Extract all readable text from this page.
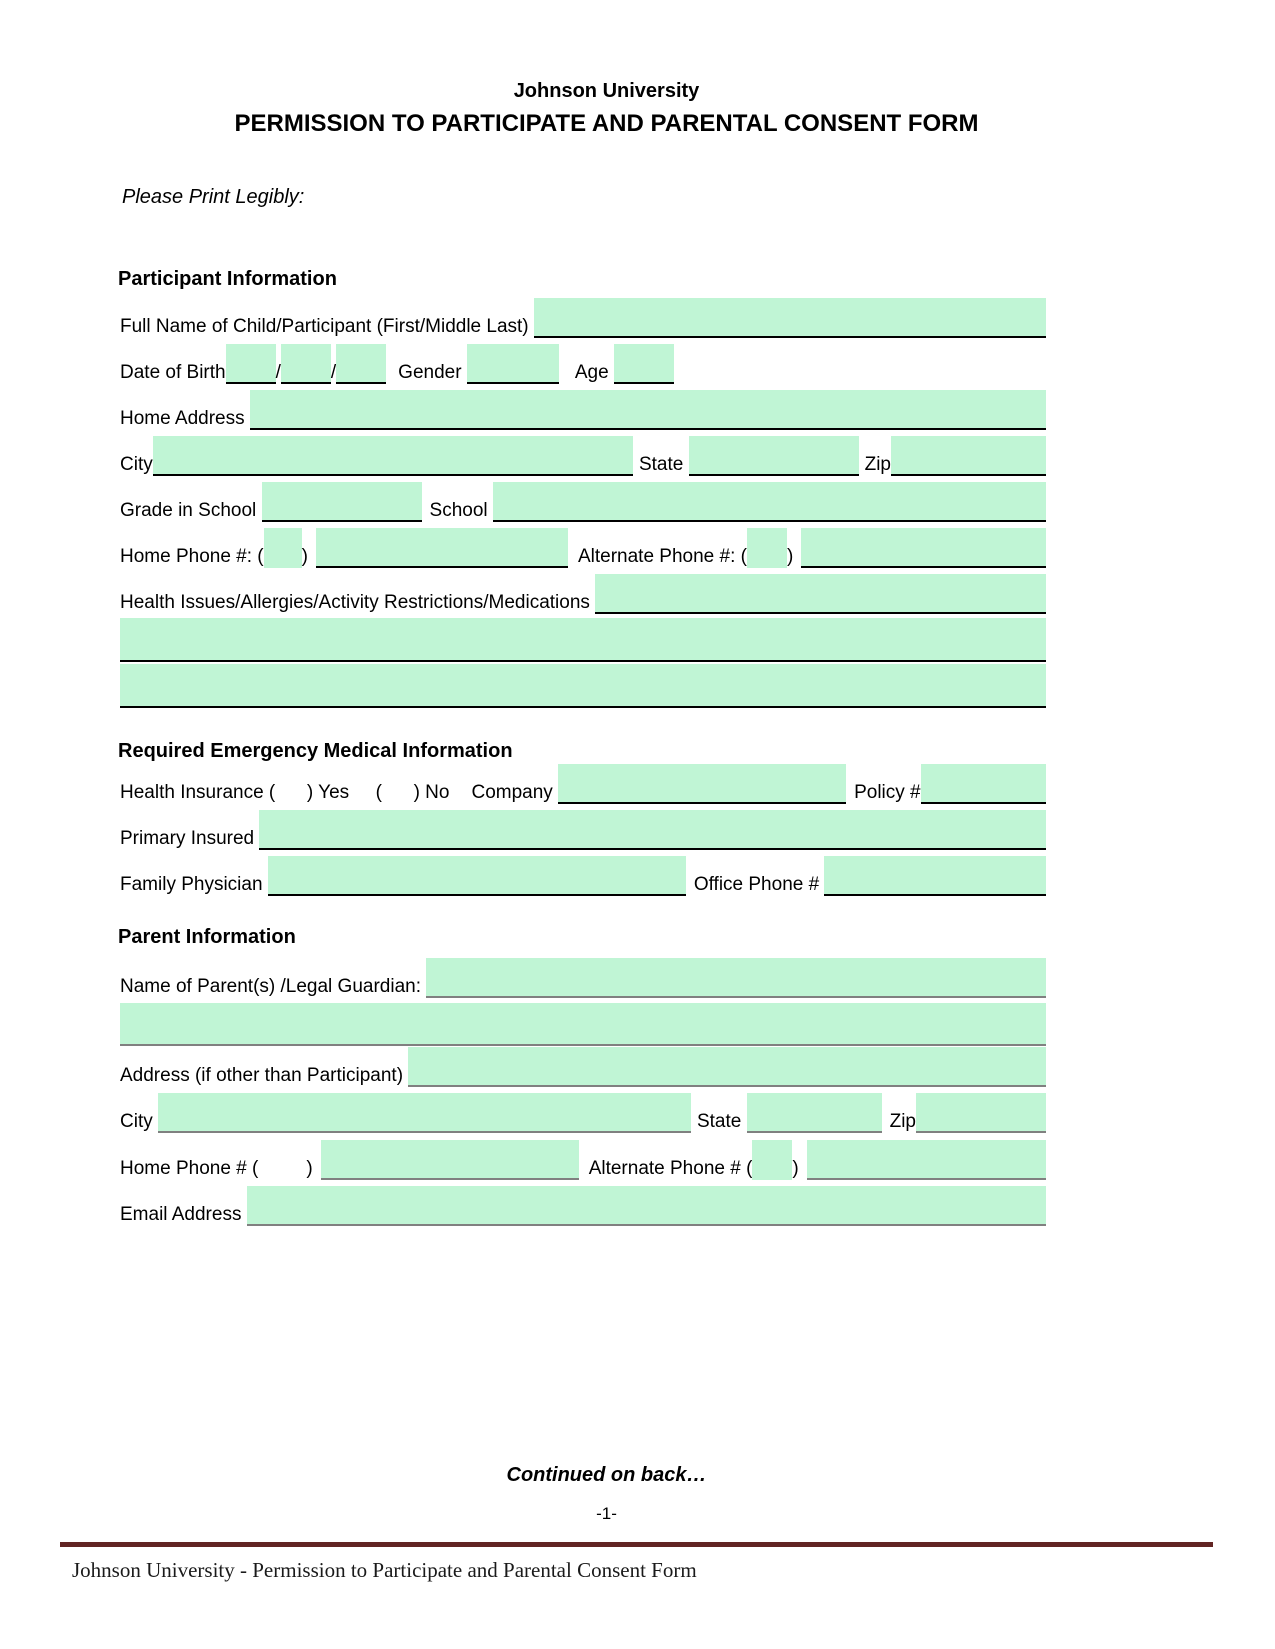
Johnson University
PERMISSION TO PARTICIPATE AND PARENTAL CONSENT FORM
Please Print Legibly:
Participant Information
Full Name of Child/Participant (First/Middle Last)
Date of Birth	/	/	Gender	Age
Home Address
City	State	Zip
Grade in School	School
Home Phone #: ( )	Alternate Phone #: ( )
Health Issues/Allergies/Activity Restrictions/Medications
Required Emergency Medical Information
Health Insurance (      ) Yes     (      ) No Company	Policy #
Primary Insured
Family Physician	Office Phone #
Parent Information
Name of Parent(s) /Legal Guardian:
Address (if other than Participant)
City	State	Zip
Home Phone # (	)	Alternate Phone # ( )
Email Address
Continued on back…
-1-
Johnson University - Permission to Participate and Parental Consent Form
